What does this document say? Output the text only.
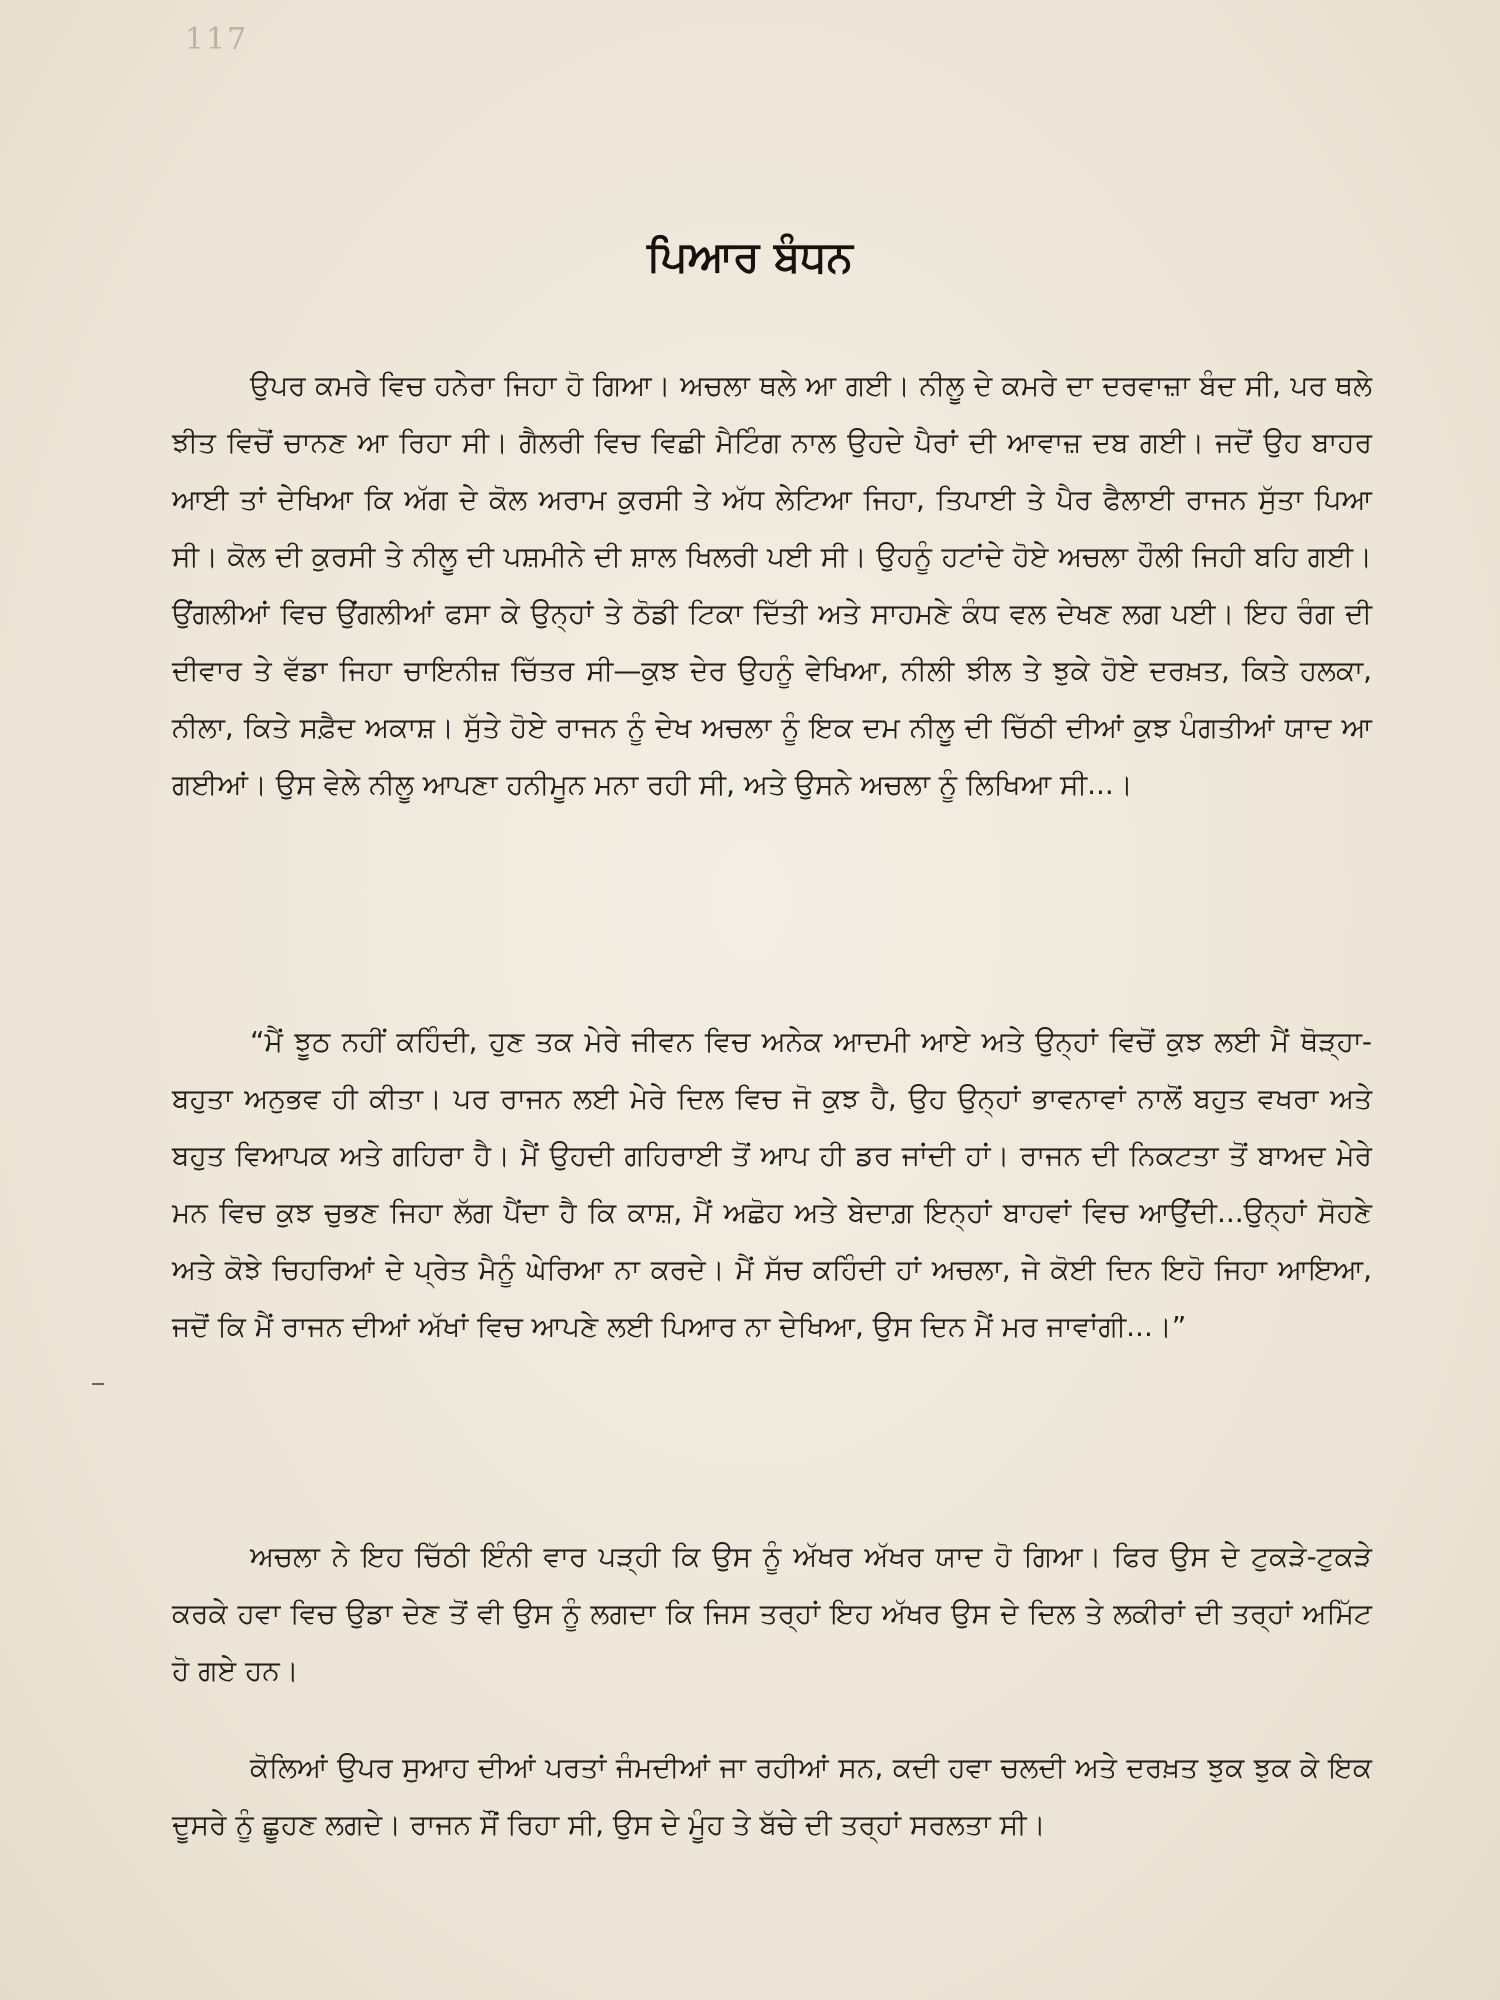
117
ਪਿਆਰ ਬੰਧਨ

ਉਪਰ ਕਮਰੇ ਵਿਚ ਹਨੇਰਾ ਜਿਹਾ ਹੋ ਗਿਆ। ਅਚਲਾ ਥਲੇ ਆ ਗਈ। ਨੀਲੂ ਦੇ ਕਮਰੇ ਦਾ ਦਰਵਾਜ਼ਾ ਬੰਦ ਸੀ, ਪਰ ਥਲੇ ਝੀਤ ਵਿਚੋਂ ਚਾਨਣ ਆ ਰਿਹਾ ਸੀ। ਗੈਲਰੀ ਵਿਚ ਵਿਛੀ ਮੈਟਿੰਗ ਨਾਲ ਉਹਦੇ ਪੈਰਾਂ ਦੀ ਆਵਾਜ਼ ਦਬ ਗਈ। ਜਦੋਂ ਉਹ ਬਾਹਰ ਆਈ ਤਾਂ ਦੇਖਿਆ ਕਿ ਅੱਗ ਦੇ ਕੋਲ ਅਰਾਮ ਕੁਰਸੀ ਤੇ ਅੱਧ ਲੇਟਿਆ ਜਿਹਾ, ਤਿਪਾਈ ਤੇ ਪੈਰ ਫੈਲਾਈ ਰਾਜਨ ਸੁੱਤਾ ਪਿਆ ਸੀ। ਕੋਲ ਦੀ ਕੁਰਸੀ ਤੇ ਨੀਲੂ ਦੀ ਪਸ਼ਮੀਨੇ ਦੀ ਸ਼ਾਲ ਖਿਲਰੀ ਪਈ ਸੀ। ਉਹਨੂੰ ਹਟਾਂਦੇ ਹੋਏ ਅਚਲਾ ਹੌਲੀ ਜਿਹੀ ਬਹਿ ਗਈ। ਉਂਗਲੀਆਂ ਵਿਚ ਉਂਗਲੀਆਂ ਫਸਾ ਕੇ ਉਨ੍ਹਾਂ ਤੇ ਠੋਡੀ ਟਿਕਾ ਦਿੱਤੀ ਅਤੇ ਸਾਹਮਣੇ ਕੰਧ ਵਲ ਦੇਖਣ ਲਗ ਪਈ। ਇਹ ਰੰਗ ਦੀ ਦੀਵਾਰ ਤੇ ਵੱਡਾ ਜਿਹਾ ਚਾਇਨੀਜ਼ ਚਿੱਤਰ ਸੀ—ਕੁਝ ਦੇਰ ਉਹਨੂੰ ਵੇਖਿਆ, ਨੀਲੀ ਝੀਲ ਤੇ ਝੁਕੇ ਹੋਏ ਦਰਖ਼ਤ, ਕਿਤੇ ਹਲਕਾ, ਨੀਲਾ, ਕਿਤੇ ਸਫ਼ੈਦ ਅਕਾਸ਼। ਸੁੱਤੇ ਹੋਏ ਰਾਜਨ ਨੂੰ ਦੇਖ ਅਚਲਾ ਨੂੰ ਇਕ ਦਮ ਨੀਲੂ ਦੀ ਚਿੱਠੀ ਦੀਆਂ ਕੁਝ ਪੰਗਤੀਆਂ ਯਾਦ ਆ ਗਈਆਂ। ਉਸ ਵੇਲੇ ਨੀਲੂ ਆਪਣਾ ਹਨੀਮੂਨ ਮਨਾ ਰਹੀ ਸੀ, ਅਤੇ ਉਸਨੇ ਅਚਲਾ ਨੂੰ ਲਿਖਿਆ ਸੀ...।

“ਮੈਂ ਝੂਠ ਨਹੀਂ ਕਹਿੰਦੀ, ਹੁਣ ਤਕ ਮੇਰੇ ਜੀਵਨ ਵਿਚ ਅਨੇਕ ਆਦਮੀ ਆਏ ਅਤੇ ਉਨ੍ਹਾਂ ਵਿਚੋਂ ਕੁਝ ਲਈ ਮੈਂ ਥੋੜ੍ਹਾ-ਬਹੁਤਾ ਅਨੁਭਵ ਹੀ ਕੀਤਾ। ਪਰ ਰਾਜਨ ਲਈ ਮੇਰੇ ਦਿਲ ਵਿਚ ਜੋ ਕੁਝ ਹੈ, ਉਹ ਉਨ੍ਹਾਂ ਭਾਵਨਾਵਾਂ ਨਾਲੋਂ ਬਹੁਤ ਵਖਰਾ ਅਤੇ ਬਹੁਤ ਵਿਆਪਕ ਅਤੇ ਗਹਿਰਾ ਹੈ। ਮੈਂ ਉਹਦੀ ਗਹਿਰਾਈ ਤੋਂ ਆਪ ਹੀ ਡਰ ਜਾਂਦੀ ਹਾਂ। ਰਾਜਨ ਦੀ ਨਿਕਟਤਾ ਤੋਂ ਬਾਅਦ ਮੇਰੇ ਮਨ ਵਿਚ ਕੁਝ ਚੁਭਣ ਜਿਹਾ ਲੱਗ ਪੈਂਦਾ ਹੈ ਕਿ ਕਾਸ਼, ਮੈਂ ਅਛੋਹ ਅਤੇ ਬੇਦਾਗ਼ ਇਨ੍ਹਾਂ ਬਾਹਵਾਂ ਵਿਚ ਆਉਂਦੀ...ਉਨ੍ਹਾਂ ਸੋਹਣੇ ਅਤੇ ਕੋਝੇ ਚਿਹਰਿਆਂ ਦੇ ਪ੍ਰੇਤ ਮੈਨੂੰ ਘੇਰਿਆ ਨਾ ਕਰਦੇ। ਮੈਂ ਸੱਚ ਕਹਿੰਦੀ ਹਾਂ ਅਚਲਾ, ਜੇ ਕੋਈ ਦਿਨ ਇਹੋ ਜਿਹਾ ਆਇਆ, ਜਦੋਂ ਕਿ ਮੈਂ ਰਾਜਨ ਦੀਆਂ ਅੱਖਾਂ ਵਿਚ ਆਪਣੇ ਲਈ ਪਿਆਰ ਨਾ ਦੇਖਿਆ, ਉਸ ਦਿਨ ਮੈਂ ਮਰ ਜਾਵਾਂਗੀ...।”

ਅਚਲਾ ਨੇ ਇਹ ਚਿੱਠੀ ਇੰਨੀ ਵਾਰ ਪੜ੍ਹੀ ਕਿ ਉਸ ਨੂੰ ਅੱਖਰ ਅੱਖਰ ਯਾਦ ਹੋ ਗਿਆ। ਫਿਰ ਉਸ ਦੇ ਟੁਕੜੇ-ਟੁਕੜੇ ਕਰਕੇ ਹਵਾ ਵਿਚ ਉਡਾ ਦੇਣ ਤੋਂ ਵੀ ਉਸ ਨੂੰ ਲਗਦਾ ਕਿ ਜਿਸ ਤਰ੍ਹਾਂ ਇਹ ਅੱਖਰ ਉਸ ਦੇ ਦਿਲ ਤੇ ਲਕੀਰਾਂ ਦੀ ਤਰ੍ਹਾਂ ਅਮਿੱਟ ਹੋ ਗਏ ਹਨ।

ਕੋਲਿਆਂ ਉਪਰ ਸੁਆਹ ਦੀਆਂ ਪਰਤਾਂ ਜੰਮਦੀਆਂ ਜਾ ਰਹੀਆਂ ਸਨ, ਕਦੀ ਹਵਾ ਚਲਦੀ ਅਤੇ ਦਰਖ਼ਤ ਝੁਕ ਝੁਕ ਕੇ ਇਕ ਦੂਸਰੇ ਨੂੰ ਛੂਹਣ ਲਗਦੇ। ਰਾਜਨ ਸੌਂ ਰਿਹਾ ਸੀ, ਉਸ ਦੇ ਮੂੰਹ ਤੇ ਬੱਚੇ ਦੀ ਤਰ੍ਹਾਂ ਸਰਲਤਾ ਸੀ।
